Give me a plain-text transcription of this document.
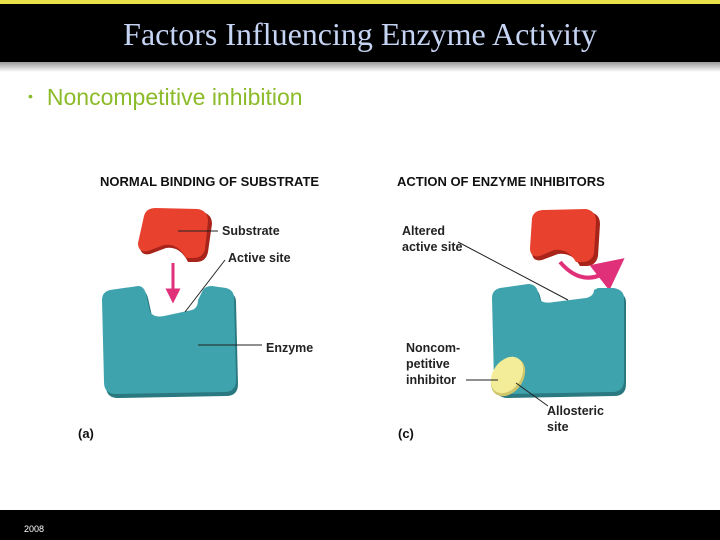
Factors Influencing Enzyme Activity
• Noncompetitive inhibition
NORMAL BINDING OF SUBSTRATE
Substrate
Active site
Enzyme
(a)
ACTION OF ENZYME INHIBITORS
Altered
active site
Noncom-
petitive
inhibitor
Allosteric
site
(c)
2008
